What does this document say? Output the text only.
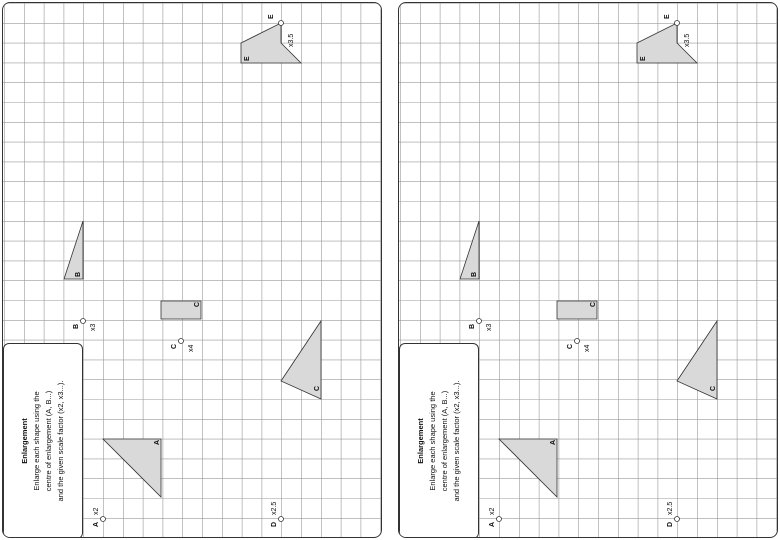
A
B
C
C
E
A
x2
B x3
C x4
D
x2.5
E
x3.5
Enlargement Enlarge each shape using the centre of enlargement (A, B...) and the given scale factor (x2, x3...).	A
B
C
C
E
A
x2
B x3
C x4
D
x2.5
E
x3.5
Enlargement Enlarge each shape using the centre of enlargement (A, B...) and the given scale factor (x2, x3...).
